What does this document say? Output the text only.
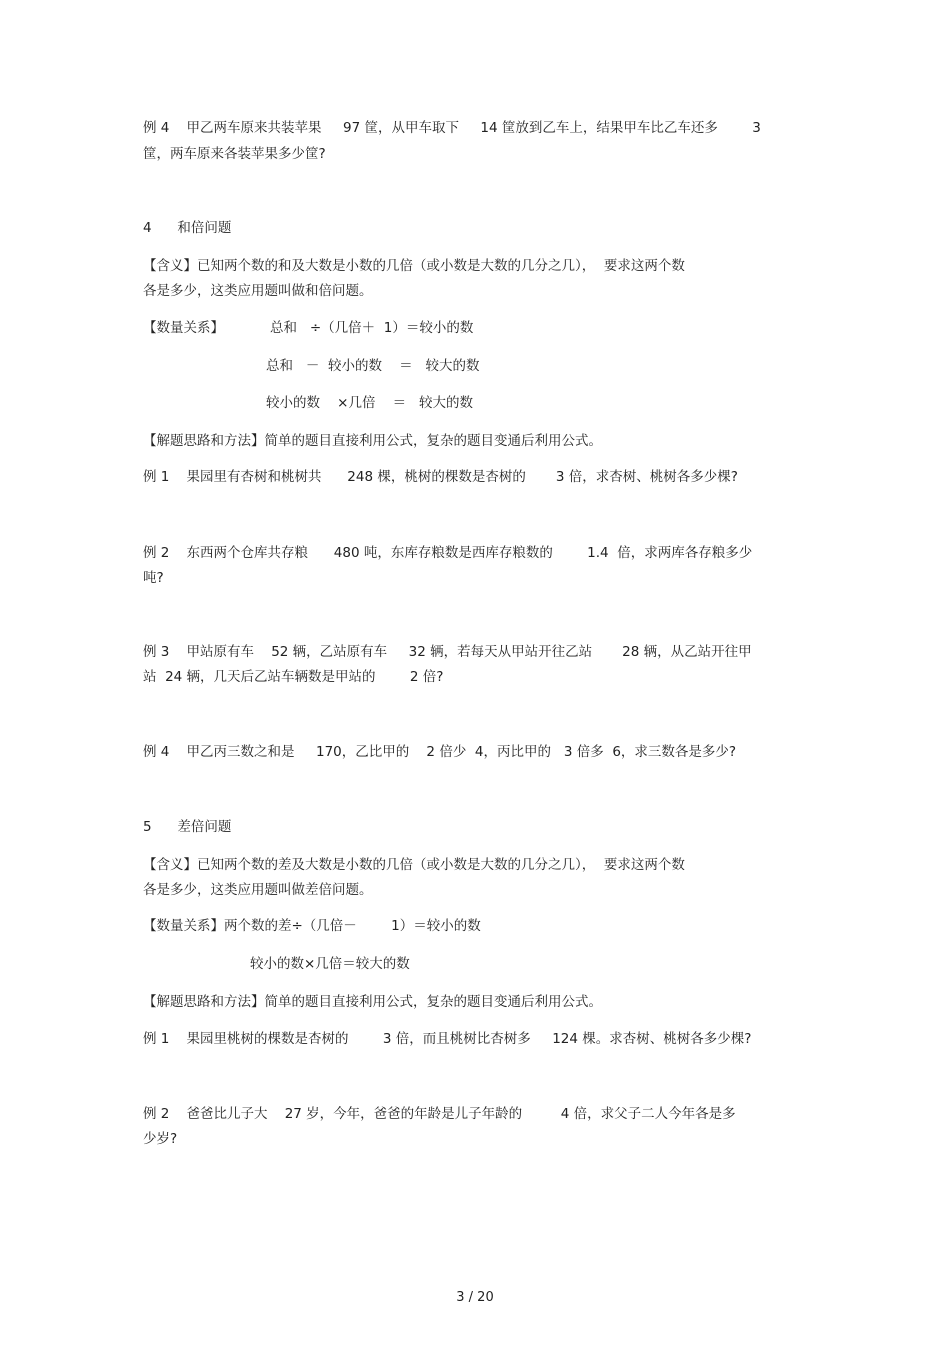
例 4    甲乙两车原来共装苹果     97 筐，从甲车取下     14 筐放到乙车上，结果甲车比乙车还多        3
筐，两车原来各装苹果多少筐?
4      和倍问题
【含义】已知两个数的和及大数是小数的几倍（或小数是大数的几分之几），  要求这两个数
各是多少，这类应用题叫做和倍问题。
【数量关系】	总和   ÷（几倍＋  1）＝较小的数
总和   －  较小的数    ＝   较大的数
较小的数    ×几倍    ＝   较大的数
【解题思路和方法】简单的题目直接利用公式，复杂的题目变通后利用公式。
例 1    果园里有杏树和桃树共      248 棵，桃树的棵数是杏树的       3 倍，求杏树、桃树各多少棵?
例 2    东西两个仓库共存粮      480 吨，东库存粮数是西库存粮数的        1.4  倍，求两库各存粮多少
吨?
例 3    甲站原有车    52 辆，乙站原有车     32 辆，若每天从甲站开往乙站       28 辆，从乙站开往甲
站  24 辆，几天后乙站车辆数是甲站的        2 倍?
例 4    甲乙丙三数之和是     170，乙比甲的    2 倍少  4，丙比甲的   3 倍多  6，求三数各是多少?
5      差倍问题
【含义】已知两个数的差及大数是小数的几倍（或小数是大数的几分之几），  要求这两个数
各是多少，这类应用题叫做差倍问题。
【数量关系】两个数的差÷（几倍－        1）＝较小的数
较小的数×几倍＝较大的数
【解题思路和方法】简单的题目直接利用公式，复杂的题目变通后利用公式。
例 1    果园里桃树的棵数是杏树的        3 倍，而且桃树比杏树多     124 棵。求杏树、桃树各多少棵?
例 2    爸爸比儿子大    27 岁，今年，爸爸的年龄是儿子年龄的         4 倍，求父子二人今年各是多
少岁?
3 / 20
